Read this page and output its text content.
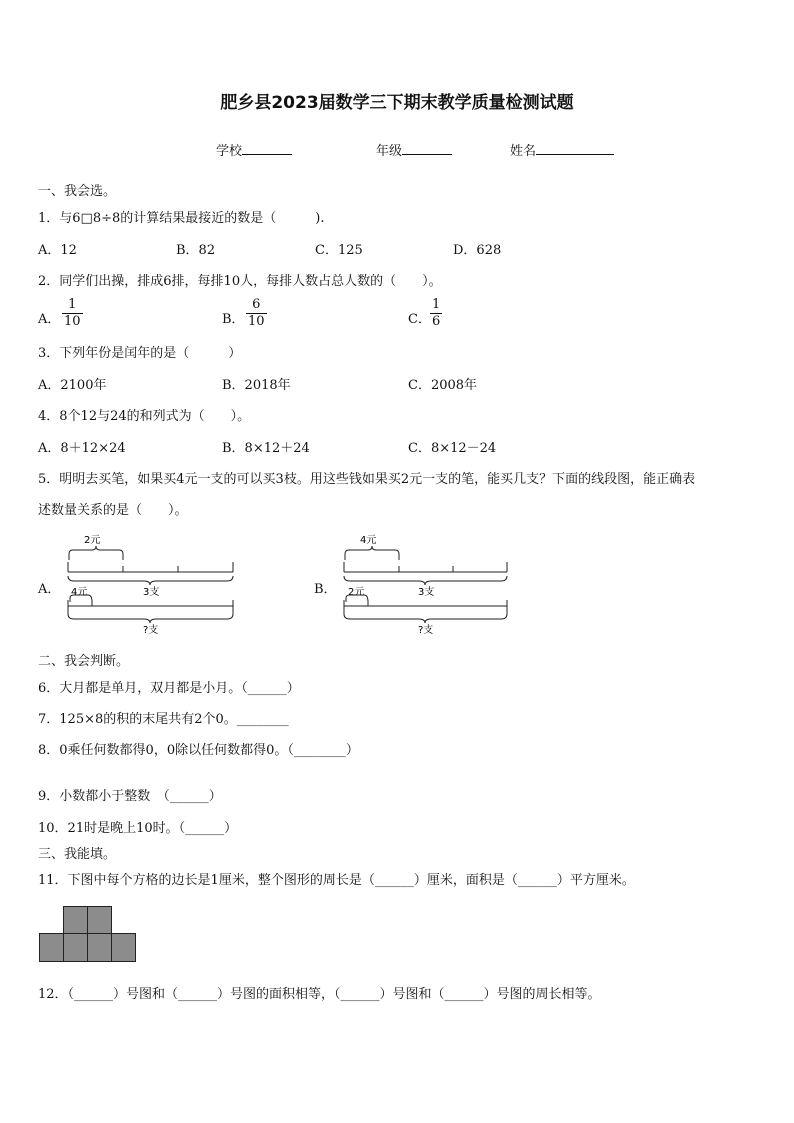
肥乡县2023届数学三下期末教学质量检测试题
学校	年级	姓名
一、我会选。
1．与6□8÷8的计算结果最接近的数是（　　　).
A．12	B．82	C．125	D．628
2．同学们出操，排成6排，每排10人，每排人数占总人数的（　　）。
A． $\frac{1}{10}$	B． $\frac{6}{10}$	C． $\frac{1}{6}$
3．下列年份是闰年的是（　　　）
A．2100年	B．2018年	C．2008年
4．8个12与24的和列式为（　　）。
A．8＋12×24	B．8×12＋24	C．8×12－24
5．明明去买笔，如果买4元一支的可以买3枝。用这些钱如果买2元一支的笔，能买几支？下面的线段图，能正确表
述数量关系的是（　　）。
A．
2元
3支
4元
?支
B．
4元
3支
2元
?支
二、我会判断。
6．大月都是单月，双月都是小月。（______）
7．125×8的积的末尾共有2个0。________
8．0乘任何数都得0，0除以任何数都得0。（________）
9．小数都小于整数　（______）
10．21时是晚上10时。（______）
三、我能填。
11．下图中每个方格的边长是1厘米，整个图形的周长是（______）厘米，面积是（______）平方厘米。
12．（______）号图和（______）号图的面积相等，（______）号图和（______）号图的周长相等。
